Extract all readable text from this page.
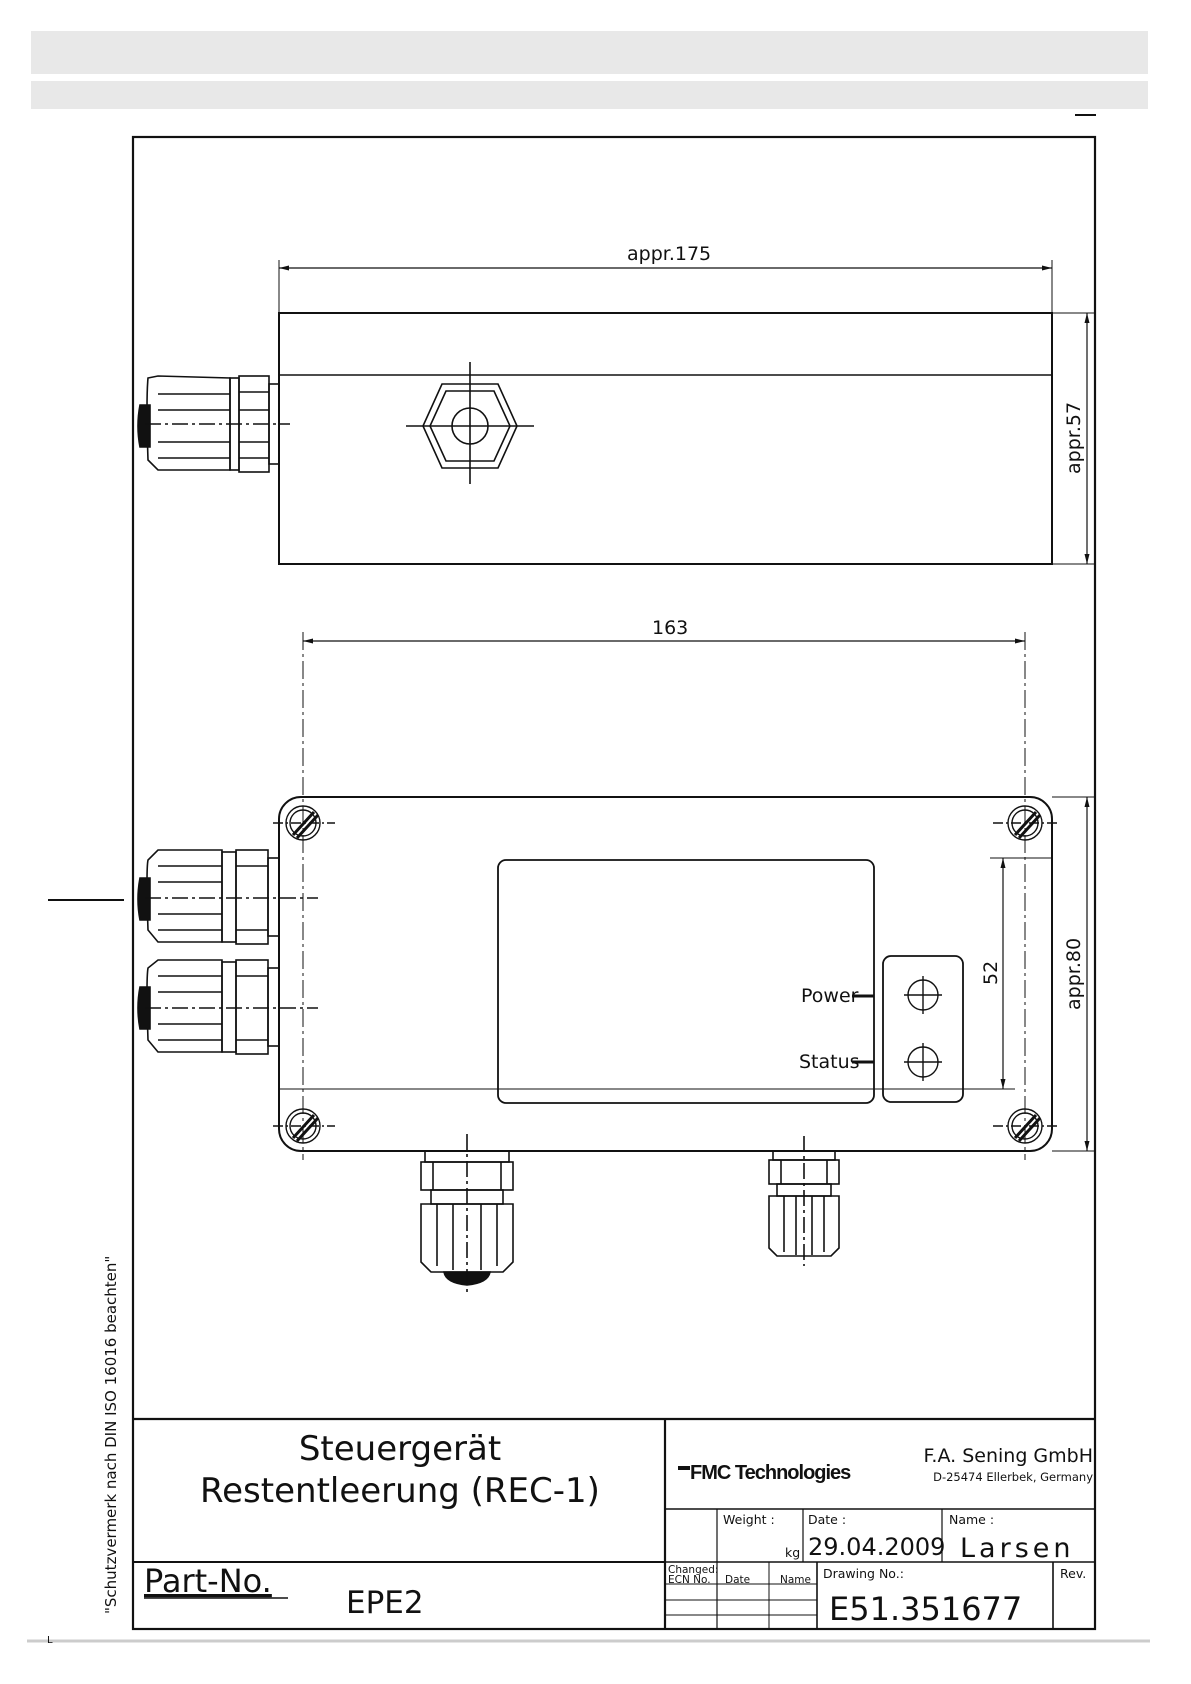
"Schutzvermerk nach DIN ISO 16016 beachten"
appr.175
appr.57
Power
Status
163
52	appr.80
Steuergerät
Restentleerung (REC-1)
Part-No.
EPE2
FMC Technologies
F.A. Sening GmbH
D-25474 Ellerbek, Germany
Weight :
kg
Date :
29.04.2009
Name :
Larsen
Changed:
ECN No. Date	Name Drawing No.:
E51.351677
Rev.
L
